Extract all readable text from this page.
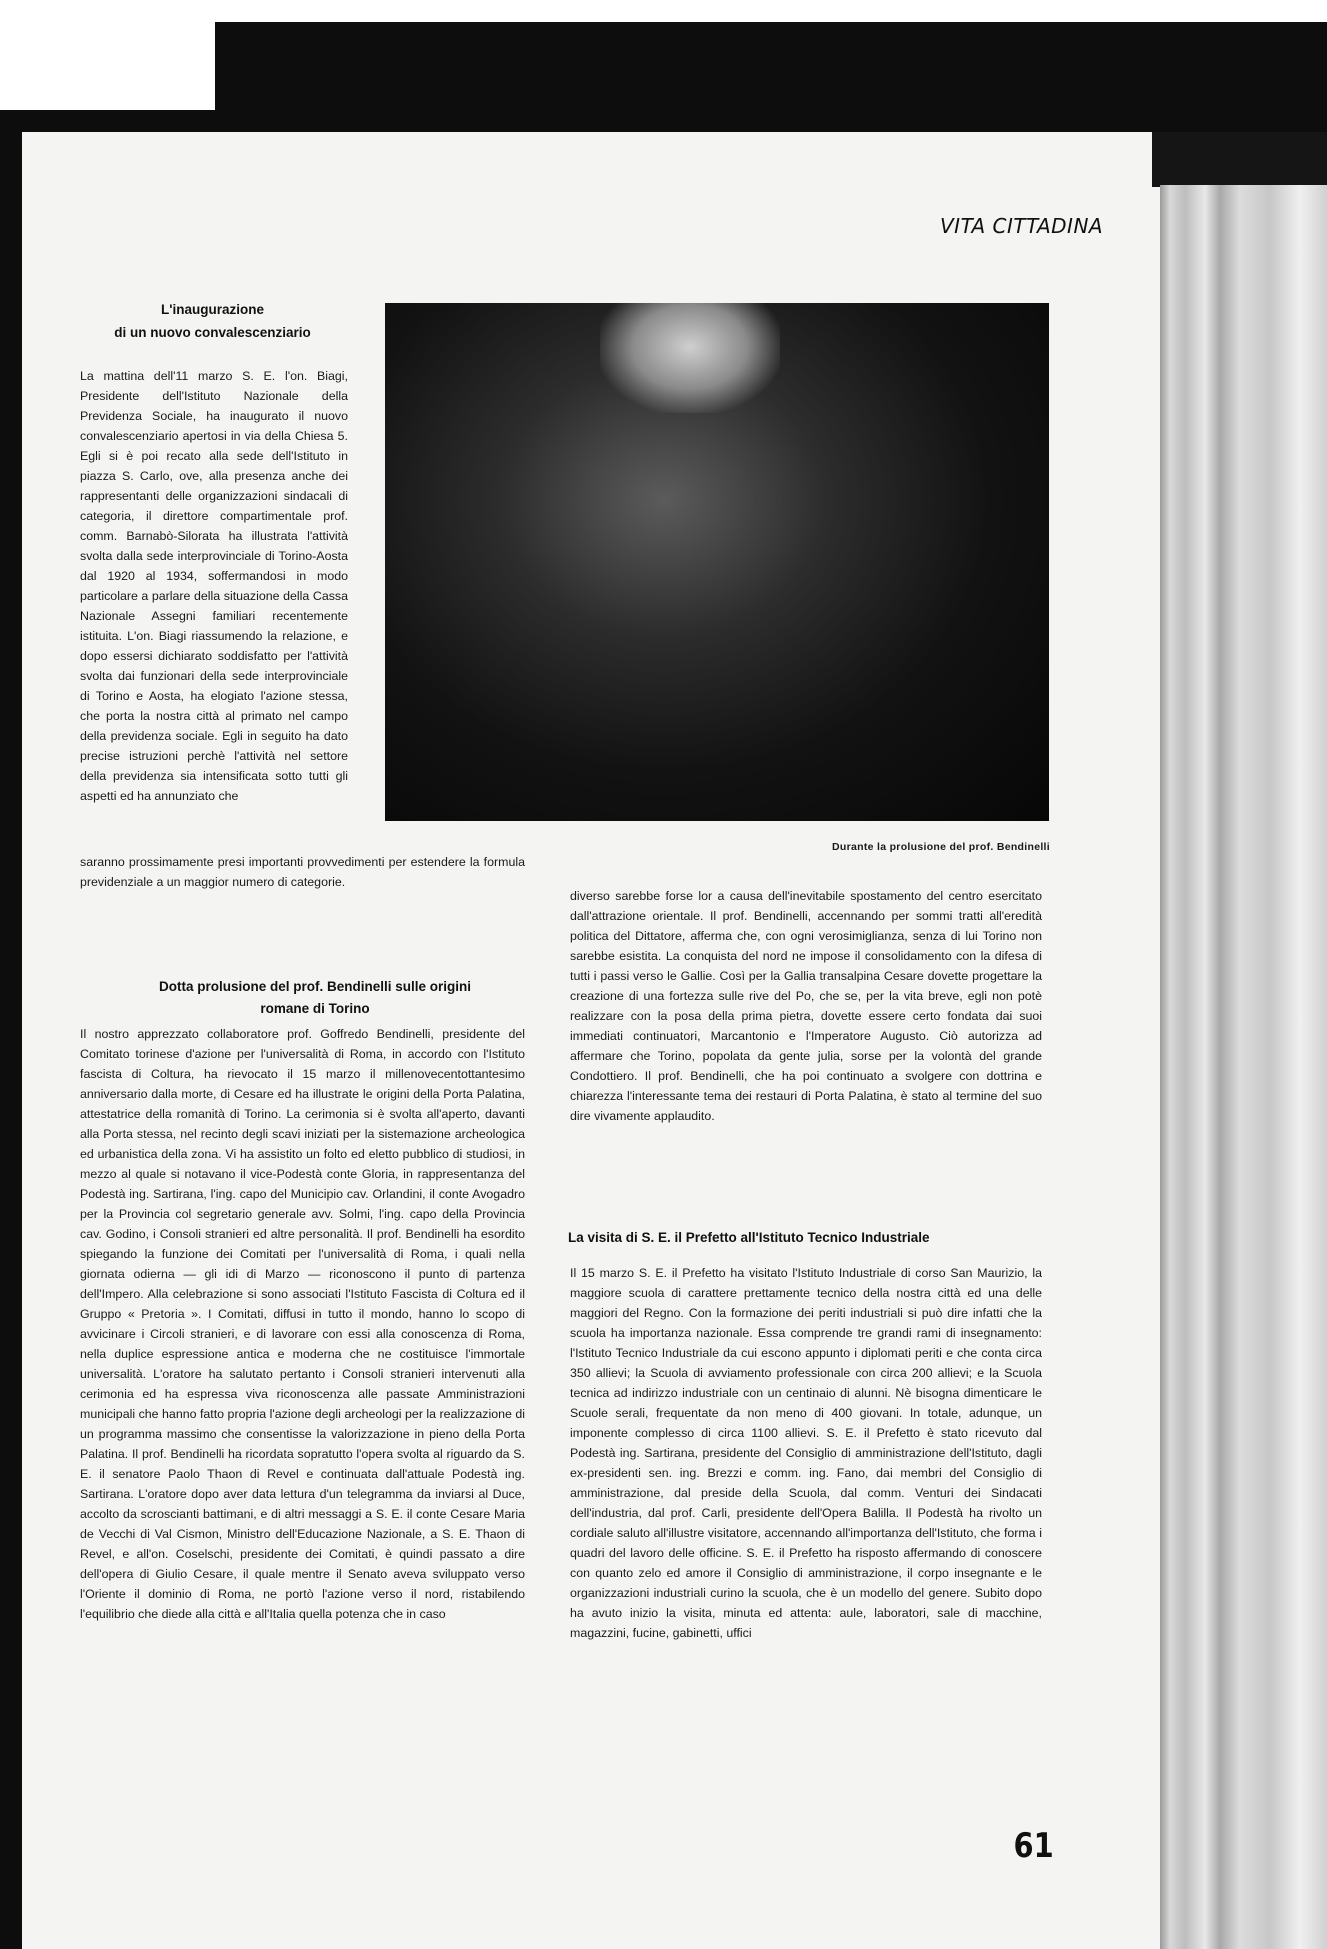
VITA CITTADINA
L'inaugurazione
di un nuovo convalescenziario

La mattina dell'11 marzo S. E. l'on. Biagi, Presidente dell'Istituto Nazionale della Previdenza Sociale, ha inaugurato il nuovo convalescenziario apertosi in via della Chiesa 5. Egli si è poi recato alla sede dell'Istituto in piazza S. Carlo, ove, alla presenza anche dei rappresentanti delle organizzazioni sindacali di categoria, il direttore compartimentale prof. comm. Barnabò-Silorata ha illustrata l'attività svolta dalla sede interprovinciale di Torino-Aosta dal 1920 al 1934, soffermandosi in modo particolare a parlare della situazione della Cassa Nazionale Assegni familiari recentemente istituita. L'on. Biagi riassumendo la relazione, e dopo essersi dichiarato soddisfatto per l'attività svolta dai funzionari della sede interprovinciale di Torino e Aosta, ha elogiato l'azione stessa, che porta la nostra città al primato nel campo della previdenza sociale. Egli in seguito ha dato precise istruzioni perchè l'attività nel settore della previdenza sia intensificata sotto tutti gli aspetti ed ha annunziato che

Durante la prolusione del prof. Bendinelli

saranno prossimamente presi importanti provvedimenti per estendere la formula previdenziale a un maggior numero di categorie.

Dotta prolusione del prof. Bendinelli sulle origini
romane di Torino

Il nostro apprezzato collaboratore prof. Goffredo Bendinelli, presidente del Comitato torinese d'azione per l'universalità di Roma, in accordo con l'Istituto fascista di Coltura, ha rievocato il 15 marzo il millenovecentottantesimo anniversario dalla morte, di Cesare ed ha illustrate le origini della Porta Palatina, attestatrice della romanità di Torino. La cerimonia si è svolta all'aperto, davanti alla Porta stessa, nel recinto degli scavi iniziati per la sistemazione archeologica ed urbanistica della zona. Vi ha assistito un folto ed eletto pubblico di studiosi, in mezzo al quale si notavano il vice-Podestà conte Gloria, in rappresentanza del Podestà ing. Sartirana, l'ing. capo del Municipio cav. Orlandini, il conte Avogadro per la Provincia col segretario generale avv. Solmi, l'ing. capo della Provincia cav. Godino, i Consoli stranieri ed altre personalità. Il prof. Bendinelli ha esordito spiegando la funzione dei Comitati per l'universalità di Roma, i quali nella giornata odierna — gli idi di Marzo — riconoscono il punto di partenza dell'Impero. Alla celebrazione si sono associati l'Istituto Fascista di Coltura ed il Gruppo « Pretoria ». I Comitati, diffusi in tutto il mondo, hanno lo scopo di avvicinare i Circoli stranieri, e di lavorare con essi alla conoscenza di Roma, nella duplice espressione antica e moderna che ne costituisce l'immortale universalità. L'oratore ha salutato pertanto i Consoli stranieri intervenuti alla cerimonia ed ha espressa viva riconoscenza alle passate Amministrazioni municipali che hanno fatto propria l'azione degli archeologi per la realizzazione di un programma massimo che consentisse la valorizzazione in pieno della Porta Palatina. Il prof. Bendinelli ha ricordata sopratutto l'opera svolta al riguardo da S. E. il senatore Paolo Thaon di Revel e continuata dall'attuale Podestà ing. Sartirana. L'oratore dopo aver data lettura d'un telegramma da inviarsi al Duce, accolto da scroscianti battimani, e di altri messaggi a S. E. il conte Cesare Maria de Vecchi di Val Cismon, Ministro dell'Educazione Nazionale, a S. E. Thaon di Revel, e all'on. Coselschi, presidente dei Comitati, è quindi passato a dire dell'opera di Giulio Cesare, il quale mentre il Senato aveva sviluppato verso l'Oriente il dominio di Roma, ne portò l'azione verso il nord, ristabilendo l'equilibrio che diede alla città e all'Italia quella potenza che in caso

diverso sarebbe forse lor a causa dell'inevitabile spostamento del centro esercitato dall'attrazione orientale. Il prof. Bendinelli, accennando per sommi tratti all'eredità politica del Dittatore, afferma che, con ogni verosimiglianza, senza di lui Torino non sarebbe esistita. La conquista del nord ne impose il consolidamento con la difesa di tutti i passi verso le Gallie. Così per la Gallia transalpina Cesare dovette progettare la creazione di una fortezza sulle rive del Po, che se, per la vita breve, egli non potè realizzare con la posa della prima pietra, dovette essere certo fondata dai suoi immediati continuatori, Marcantonio e l'Imperatore Augusto. Ciò autorizza ad affermare che Torino, popolata da gente julia, sorse per la volontà del grande Condottiero. Il prof. Bendinelli, che ha poi continuato a svolgere con dottrina e chiarezza l'interessante tema dei restauri di Porta Palatina, è stato al termine del suo dire vivamente applaudito.

La visita di S. E. il Prefetto all'Istituto Tecnico Industriale

Il 15 marzo S. E. il Prefetto ha visitato l'Istituto Industriale di corso San Maurizio, la maggiore scuola di carattere prettamente tecnico della nostra città ed una delle maggiori del Regno. Con la formazione dei periti industriali si può dire infatti che la scuola ha importanza nazionale. Essa comprende tre grandi rami di insegnamento: l'Istituto Tecnico Industriale da cui escono appunto i diplomati periti e che conta circa 350 allievi; la Scuola di avviamento professionale con circa 200 allievi; e la Scuola tecnica ad indirizzo industriale con un centinaio di alunni. Nè bisogna dimenticare le Scuole serali, frequentate da non meno di 400 giovani. In totale, adunque, un imponente complesso di circa 1100 allievi. S. E. il Prefetto è stato ricevuto dal Podestà ing. Sartirana, presidente del Consiglio di amministrazione dell'Istituto, dagli ex-presidenti sen. ing. Brezzi e comm. ing. Fano, dai membri del Consiglio di amministrazione, dal preside della Scuola, dal comm. Venturi dei Sindacati dell'industria, dal prof. Carli, presidente dell'Opera Balilla. Il Podestà ha rivolto un cordiale saluto all'illustre visitatore, accennando all'importanza dell'Istituto, che forma i quadri del lavoro delle officine. S. E. il Prefetto ha risposto affermando di conoscere con quanto zelo ed amore il Consiglio di amministrazione, il corpo insegnante e le organizzazioni industriali curino la scuola, che è un modello del genere. Subito dopo ha avuto inizio la visita, minuta ed attenta: aule, laboratori, sale di macchine, magazzini, fucine, gabinetti, uffici

61
